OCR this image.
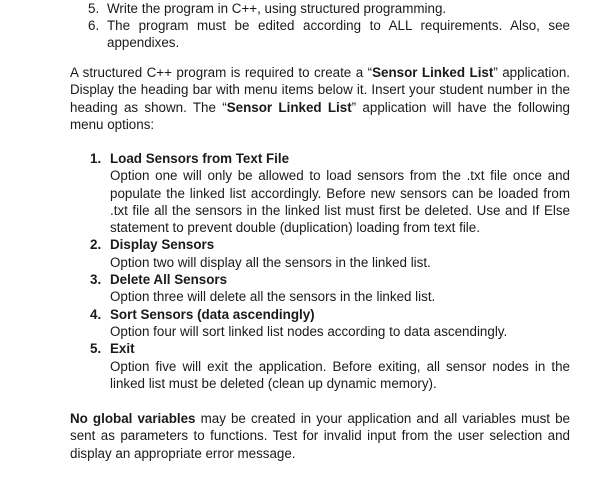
5. Write the program in C++, using structured programming.
6. The program must be edited according to ALL requirements. Also, see appendixes.
A structured C++ program is required to create a “Sensor Linked List” application. Display the heading bar with menu items below it. Insert your student number in the heading as shown. The “Sensor Linked List” application will have the following menu options:
1. Load Sensors from Text File
Option one will only be allowed to load sensors from the .txt file once and populate the linked list accordingly. Before new sensors can be loaded from .txt file all the sensors in the linked list must first be deleted. Use and If Else statement to prevent double (duplication) loading from text file.
2. Display Sensors
Option two will display all the sensors in the linked list.
3. Delete All Sensors
Option three will delete all the sensors in the linked list.
4. Sort Sensors (data ascendingly)
Option four will sort linked list nodes according to data ascendingly.
5. Exit
Option five will exit the application. Before exiting, all sensor nodes in the linked list must be deleted (clean up dynamic memory).
No global variables may be created in your application and all variables must be sent as parameters to functions. Test for invalid input from the user selection and display an appropriate error message.
